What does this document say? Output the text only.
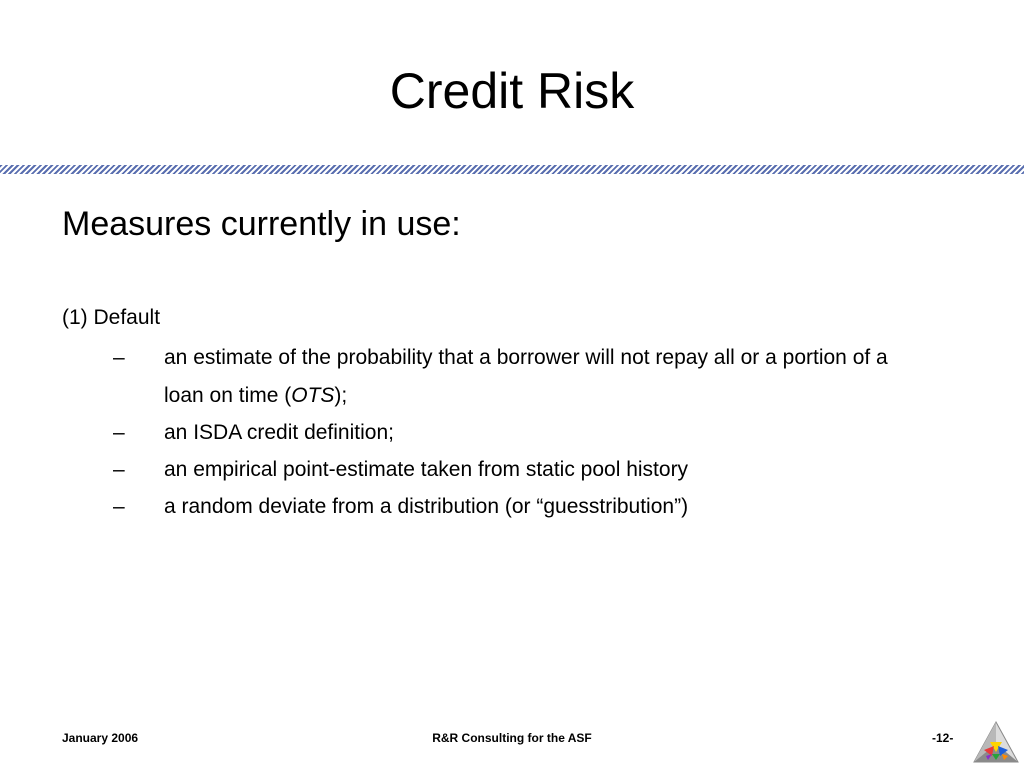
Credit Risk
Measures currently in use:

(1) Default

– an estimate of the probability that a borrower will not repay all or a portion of a loan on time (OTS);
– an ISDA credit definition;
– an empirical point-estimate taken from static pool history
– a random deviate from a distribution (or “guesstribution”)
January 2006	R&R Consulting for the ASF	-12-
